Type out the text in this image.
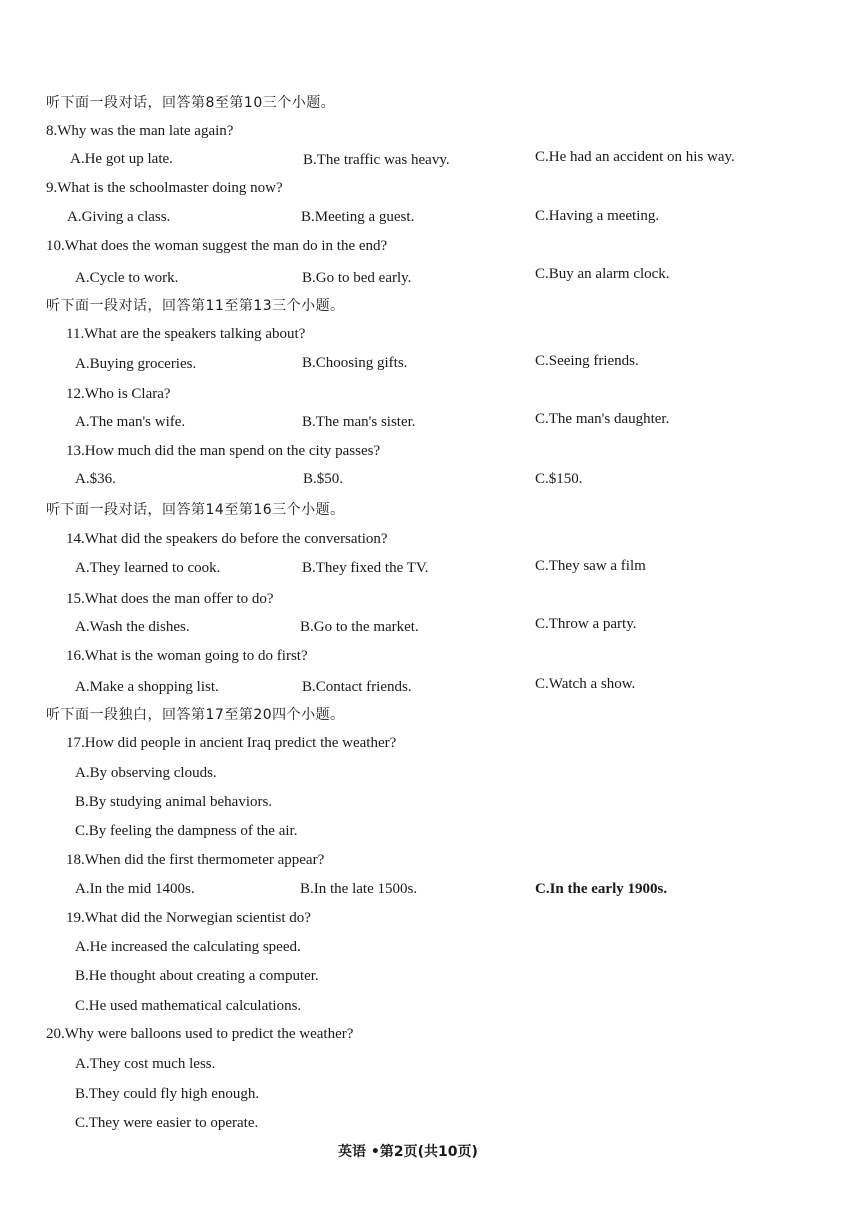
听下面一段对话，回答第8至第10三个小题。
8.Why was the man late again?
A.He got up late.	B.The traffic was heavy.	C.He had an accident on his way.
9.What is the schoolmaster doing now?
A.Giving a class.	B.Meeting a guest.	C.Having a meeting.
10.What does the woman suggest the man do in the end?
A.Cycle to work.	B.Go to bed early.	C.Buy an alarm clock.
听下面一段对话，回答第11至第13三个小题。
11.What are the speakers talking about?
A.Buying groceries.	B.Choosing gifts.	C.Seeing friends.
12.Who is Clara?
A.The man's wife.	B.The man's sister.	C.The man's daughter.
13.How much did the man spend on the city passes?
A.$36.	B.$50.	C.$150.
听下面一段对话，回答第14至第16三个小题。
14.What did the speakers do before the conversation?
A.They learned to cook.	B.They fixed the TV.	C.They saw a film
15.What does the man offer to do?
A.Wash the dishes.	B.Go to the market.	C.Throw a party.
16.What is the woman going to do first?
A.Make a shopping list.	B.Contact friends.	C.Watch a show.
听下面一段独白，回答第17至第20四个小题。
17.How did people in ancient Iraq predict the weather?
A.By observing clouds.
B.By studying animal behaviors.
C.By feeling the dampness of the air.
18.When did the first thermometer appear?
A.In the mid 1400s.	B.In the late 1500s.	C.In the early 1900s.
19.What did the Norwegian scientist do?
A.He increased the calculating speed.
B.He thought about creating a computer.
C.He used mathematical calculations.
20.Why were balloons used to predict the weather?
A.They cost much less.
B.They could fly high enough.
C.They were easier to operate.
英语 •第2页(共10页)
